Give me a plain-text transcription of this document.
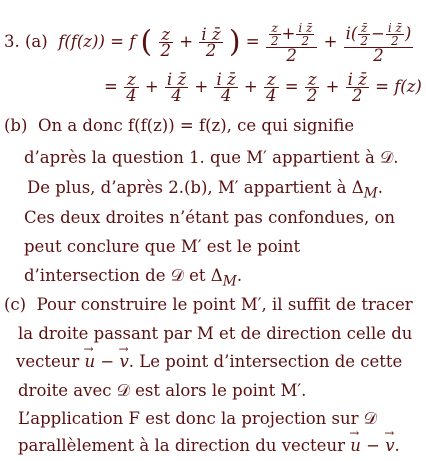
3. (a) f(f(z)) = f ( $\frac{z}{2} + \frac{\text{i z̄}}{2}$ ) = $\frac{\frac{z}{2} + \frac{\text{i z̄}}{2}}{2} + \frac{i( \frac{z̄}{2} - \frac{\text{i z̄}}{2} )}{2}$
= $\frac{z}{4} + \frac{\text{i z̄}}{4} + \frac{\text{i z̄}}{4} + \frac{z}{4} = \frac{z}{2} + \frac{\text{i z̄}}{2} = f(z)$
(b) On a donc f(f(z)) = f(z), ce qui signifie
d’après la question 1. que M′ appartient à 𝒟.
De plus, d’après 2.(b), M′ appartient à $\Delta_M$.
Ces deux droites n’étant pas confondues, on
peut conclure que M′ est le point
d’intersection de 𝒟 et $\Delta_M$.
(c) Pour construire le point M′, il suffit de tracer
la droite passant par M et de direction celle du
vecteur → u − → v. Le point d’intersection de cette
droite avec 𝒟 est alors le point M′.
L’application F est donc la projection sur 𝒟
parallèlement à la direction du vecteur → u − → v.
